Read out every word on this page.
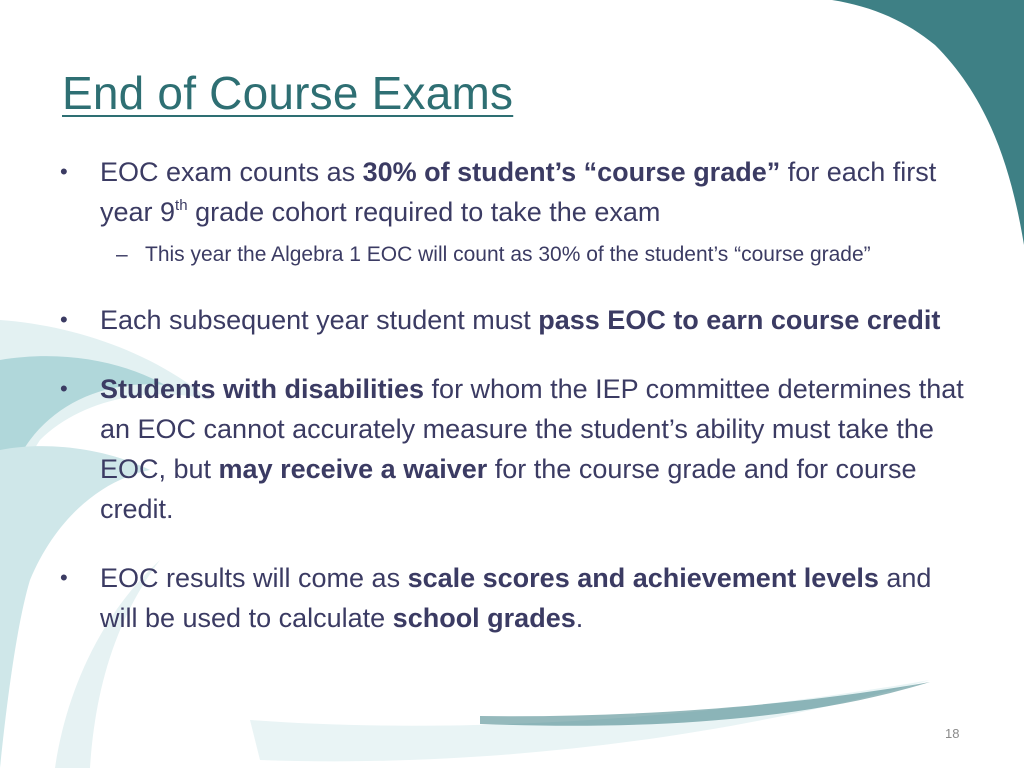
End of Course Exams
• EOC exam counts as 30% of student’s “course grade” for each first year 9th grade cohort required to take the exam
– This year the Algebra 1 EOC will count as 30% of the student’s “course grade”
• Each subsequent year student must pass EOC to earn course credit
• Students with disabilities for whom the IEP committee determines that an EOC cannot accurately measure the student’s ability must take the EOC, but may receive a waiver for the course grade and for course credit.
• EOC results will come as scale scores and achievement levels and will be used to calculate school grades.
18
